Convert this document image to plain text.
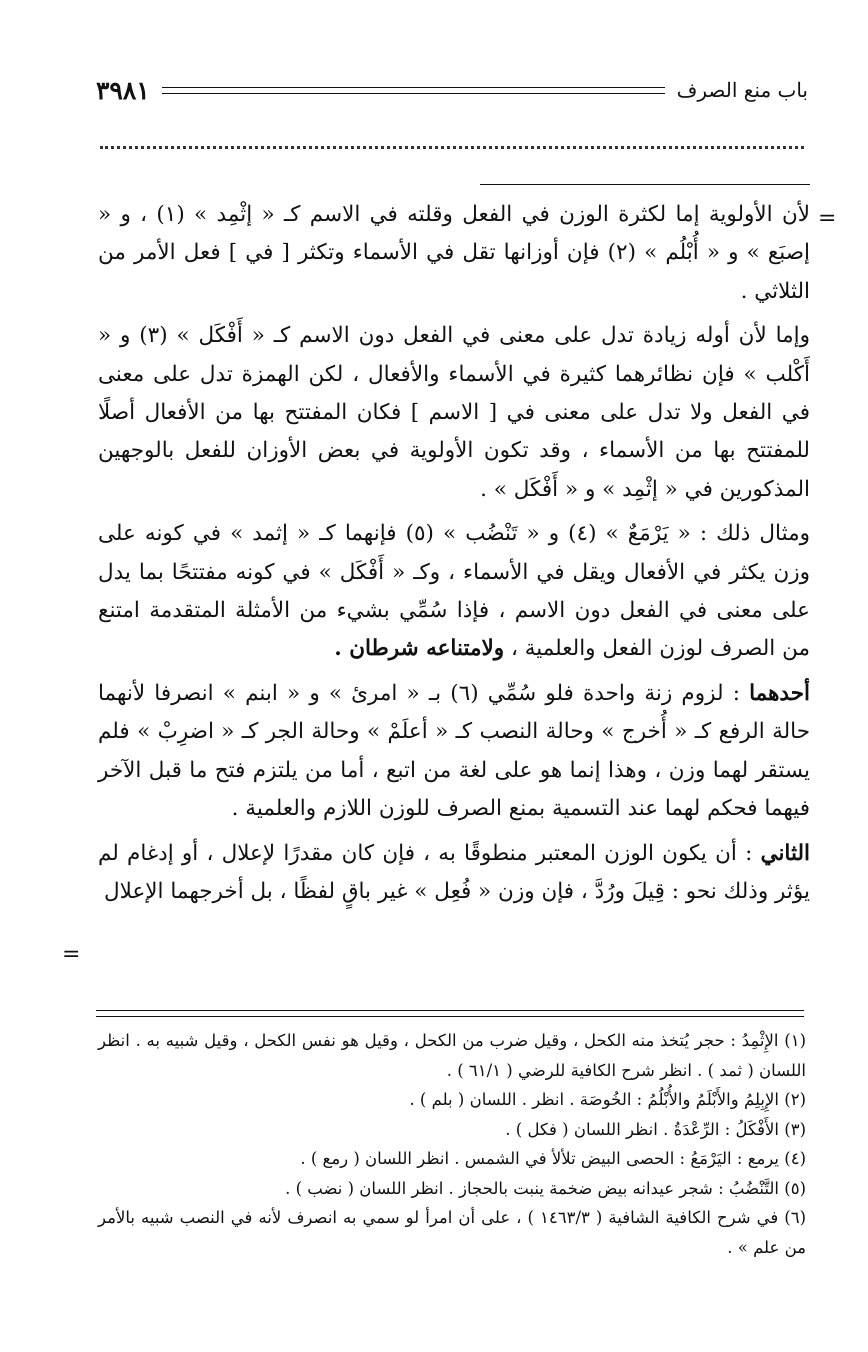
باب منع الصرف
٣٩٨١
=
=

لأن الأولوية إما لكثرة الوزن في الفعل وقلته في الاسم كـ « إثْمِد » (١) ، و « إصبَع » و « أُبْلُم » (٢) فإن أوزانها تقل في الأسماء وتكثر [ في ] فعل الأمر من الثلاثي .

وإما لأن أوله زيادة تدل على معنى في الفعل دون الاسم كـ « أَفْكَل » (٣) و « أَكْلب » فإن نظائرهما كثيرة في الأسماء والأفعال ، لكن الهمزة تدل على معنى في الفعل ولا تدل على معنى في [ الاسم ] فكان المفتتح بها من الأفعال أصلًا للمفتتح بها من الأسماء ، وقد تكون الأولوية في بعض الأوزان للفعل بالوجهين المذكورين في « إثْمِد » و « أَفْكَل » .

ومثال ذلك : « يَرْمَعٌ » (٤) و « تَنْضُب » (٥) فإنهما كـ « إثمد » في كونه على وزن يكثر في الأفعال ويقل في الأسماء ، وكـ « أَفْكَل » في كونه مفتتحًا بما يدل على معنى في الفعل دون الاسم ، فإذا سُمِّي بشيء من الأمثلة المتقدمة امتنع من الصرف لوزن الفعل والعلمية ، ولامتناعه شرطان .

أحدهما : لزوم زنة واحدة فلو سُمِّي (٦) بـ « امرئ » و « ابنم » انصرفا لأنهما حالة الرفع كـ « أُخرج » وحالة النصب كـ « أعلَمْ » وحالة الجر كـ « اضرِبْ » فلم يستقر لهما وزن ، وهذا إنما هو على لغة من اتبع ، أما من يلتزم فتح ما قبل الآخر فيهما فحكم لهما عند التسمية بمنع الصرف للوزن اللازم والعلمية .

الثاني : أن يكون الوزن المعتبر منطوقًا به ، فإن كان مقدرًا لإعلال ، أو إدغام لم يؤثر وذلك نحو : قِيلَ ورُدَّ ، فإن وزن « فُعِل » غير باقٍ لفظًا ، بل أخرجهما الإعلال

(١) الإِثْمِدُ : حجر يُتخذ منه الكحل ، وقيل ضرب من الكحل ، وقيل هو نفس الكحل ، وقيل شبيه به . انظر اللسان ( ثمد ) . انظر شرح الكافية للرضي ( ٦١/١ ) .

(٢) الإِبِلِمُ والأَبْلَمُ والأُبْلُمُ : الخُوصَة . انظر . اللسان ( بلم ) .

(٣) الأَفْكَلُ : الرِّعْدَةُ . انظر اللسان ( فكل ) .

(٤) يرمع : اليَرْمَعُ : الحصى البيض تلألأ في الشمس . انظر اللسان ( رمع ) .

(٥) التَّنْضُبُ : شجر عيدانه بيض ضخمة ينبت بالحجاز . انظر اللسان ( نضب ) .

(٦) في شرح الكافية الشافية ( ١٤٦٣/٣ ) ، على أن امرأ لو سمي به انصرف لأنه في النصب شبيه بالأمر من علم » .
